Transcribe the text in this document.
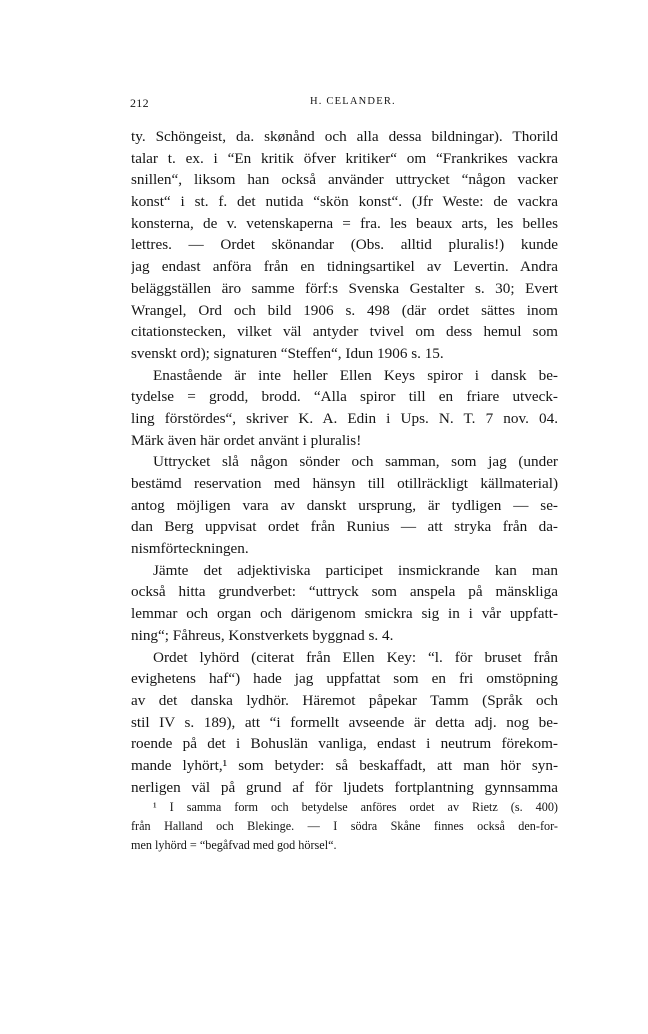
212	H. CELANDER.
ty. Schöngeist, da. skønånd och alla dessa bildningar). Thorild
talar t. ex. i “En kritik öfver kritiker“ om “Frankrikes vackra
snillen“, liksom han också använder uttrycket “någon vacker
konst“ i st. f. det nutida “skön konst“. (Jfr Weste: de vackra
konsterna, de v. vetenskaperna = fra. les beaux arts, les belles
lettres. — Ordet skönandar (Obs. alltid pluralis!) kunde
jag endast anföra från en tidningsartikel av Levertin. Andra
beläggställen äro samme förf:s Svenska Gestalter s. 30; Evert
Wrangel, Ord och bild 1906 s. 498 (där ordet sättes inom
citationstecken, vilket väl antyder tvivel om dess hemul som
svenskt ord); signaturen “Steffen“, Idun 1906 s. 15.
Enastående är inte heller Ellen Keys spiror i dansk be-
tydelse = grodd, brodd. “Alla spiror till en friare utveck-
ling förstördes“, skriver K. A. Edin i Ups. N. T. 7 nov. 04.
Märk även här ordet använt i pluralis!
Uttrycket slå någon sönder och samman, som jag (under
bestämd reservation med hänsyn till otillräckligt källmaterial)
antog möjligen vara av danskt ursprung, är tydligen — se-
dan Berg uppvisat ordet från Runius — att stryka från da-
nismförteckningen.
Jämte det adjektiviska participet insmickrande kan man
också hitta grundverbet: “uttryck som anspela på mänskliga
lemmar och organ och därigenom smickra sig in i vår uppfatt-
ning“; Fåhreus, Konstverkets byggnad s. 4.
Ordet lyhörd (citerat från Ellen Key: “l. för bruset från
evighetens haf“) hade jag uppfattat som en fri omstöpning
av det danska lydhör. Häremot påpekar Tamm (Språk och
stil IV s. 189), att “i formellt avseende är detta adj. nog be-
roende på det i Bohuslän vanliga, endast i neutrum förekom-
mande lyhört,¹ som betyder: så beskaffadt, att man hör syn-
nerligen väl på grund af för ljudets fortplantning gynnsamma
¹ I samma form och betydelse anföres ordet av Rietz (s. 400)
från Halland och Blekinge. — I södra Skåne finnes också den-for-
men lyhörd = “begåfvad med god hörsel“.
